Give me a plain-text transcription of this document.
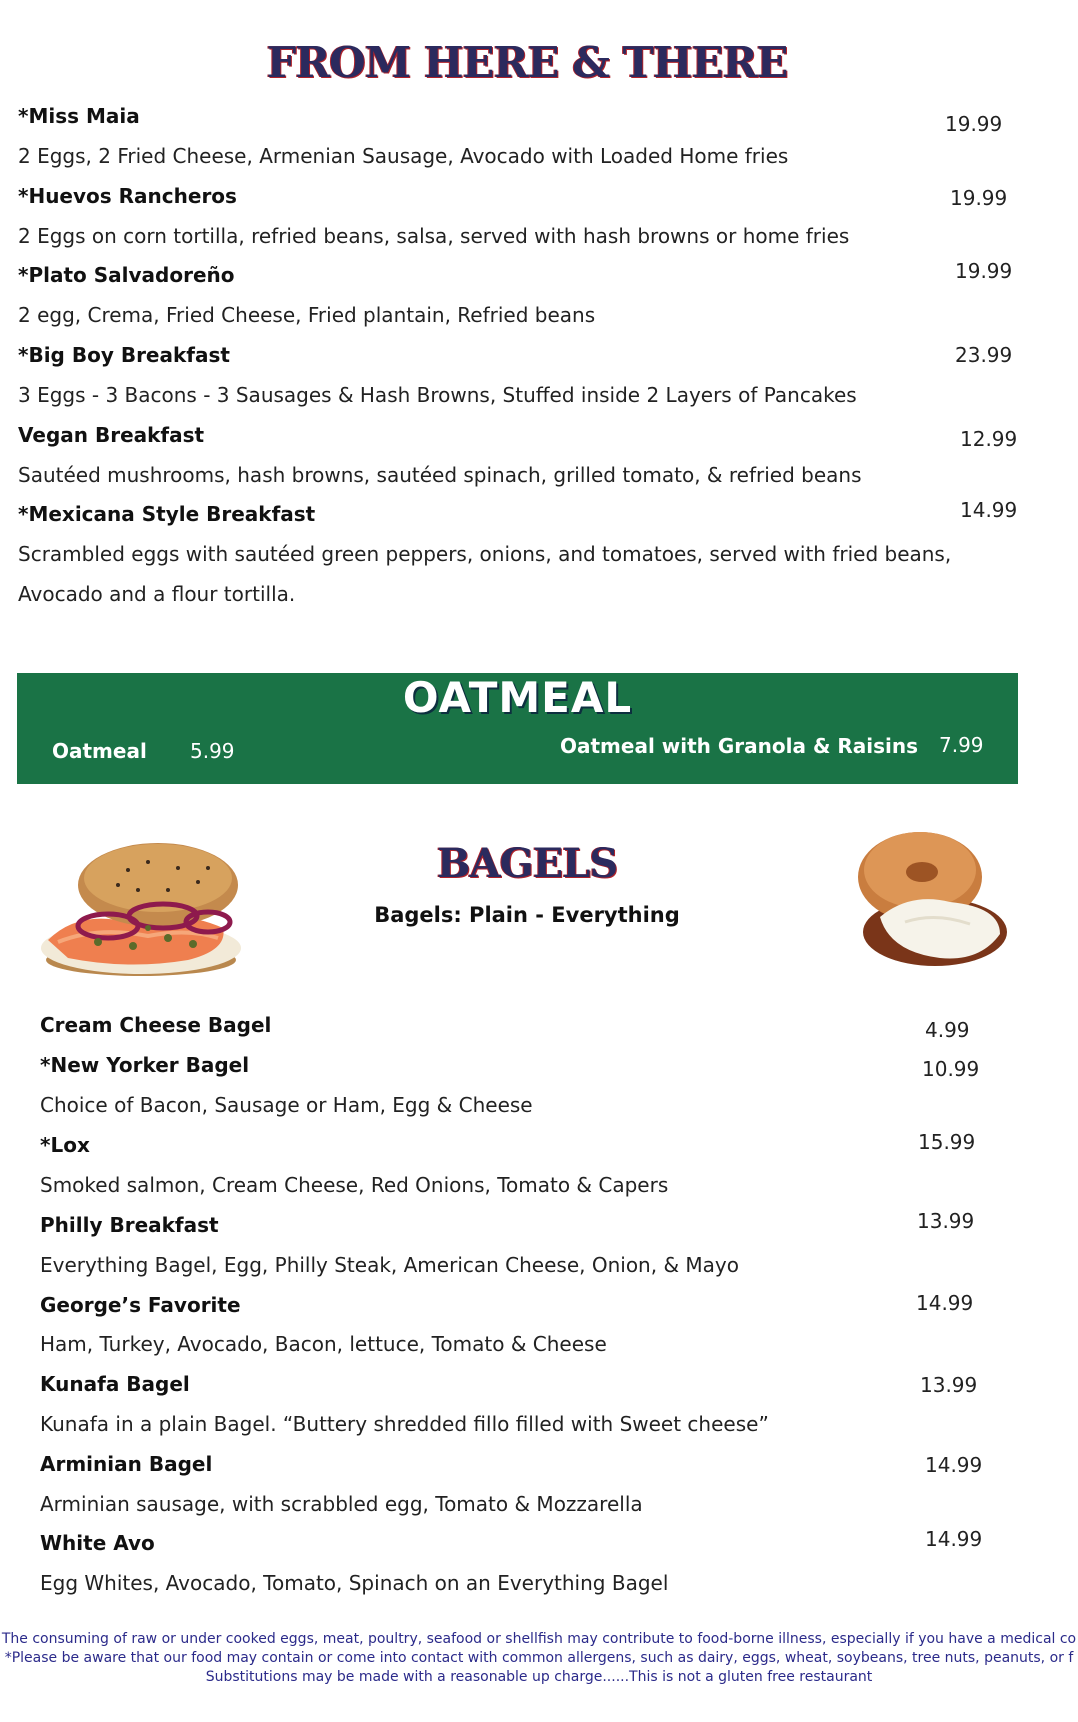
FROM HERE & THERE
*Miss Maia	19.99
2 Eggs, 2 Fried Cheese, Armenian Sausage, Avocado with Loaded Home fries
*Huevos Rancheros	19.99
2 Eggs on corn tortilla, refried beans, salsa, served with hash browns or home fries
*Plato Salvadoreño	19.99
2 egg, Crema, Fried Cheese, Fried plantain, Refried beans
*Big Boy Breakfast	23.99
3 Eggs - 3 Bacons - 3 Sausages & Hash Browns, Stuffed inside 2 Layers of Pancakes
Vegan Breakfast	12.99
Sautéed mushrooms, hash browns, sautéed spinach, grilled tomato, & refried beans
*Mexicana Style Breakfast	14.99
Scrambled eggs with sautéed green peppers, onions, and tomatoes, served with fried beans,
Avocado and a flour tortilla.
OATMEAL
Oatmeal 5.99	Oatmeal with Granola & Raisins 7.99
BAGELS
Bagels: Plain - Everything
Cream Cheese Bagel	4.99
*New Yorker Bagel	10.99
Choice of Bacon, Sausage or Ham, Egg & Cheese
*Lox	15.99
Smoked salmon, Cream Cheese, Red Onions, Tomato & Capers
Philly Breakfast	13.99
Everything Bagel, Egg, Philly Steak, American Cheese, Onion, & Mayo
George’s Favorite	14.99
Ham, Turkey, Avocado, Bacon, lettuce, Tomato & Cheese
Kunafa Bagel	13.99
Kunafa in a plain Bagel. “Buttery shredded fillo filled with Sweet cheese”
Arminian Bagel	14.99
Arminian sausage, with scrabbled egg, Tomato & Mozzarella
White Avo	14.99
Egg Whites, Avocado, Tomato, Spinach on an Everything Bagel
The consuming of raw or under cooked eggs, meat, poultry, seafood or shellfish may contribute to food-borne illness, especially if you have a medical co
*Please be aware that our food may contain or come into contact with common allergens, such as dairy, eggs, wheat, soybeans, tree nuts, peanuts, or f
Substitutions may be made with a reasonable up charge......This is not a gluten free restaurant
